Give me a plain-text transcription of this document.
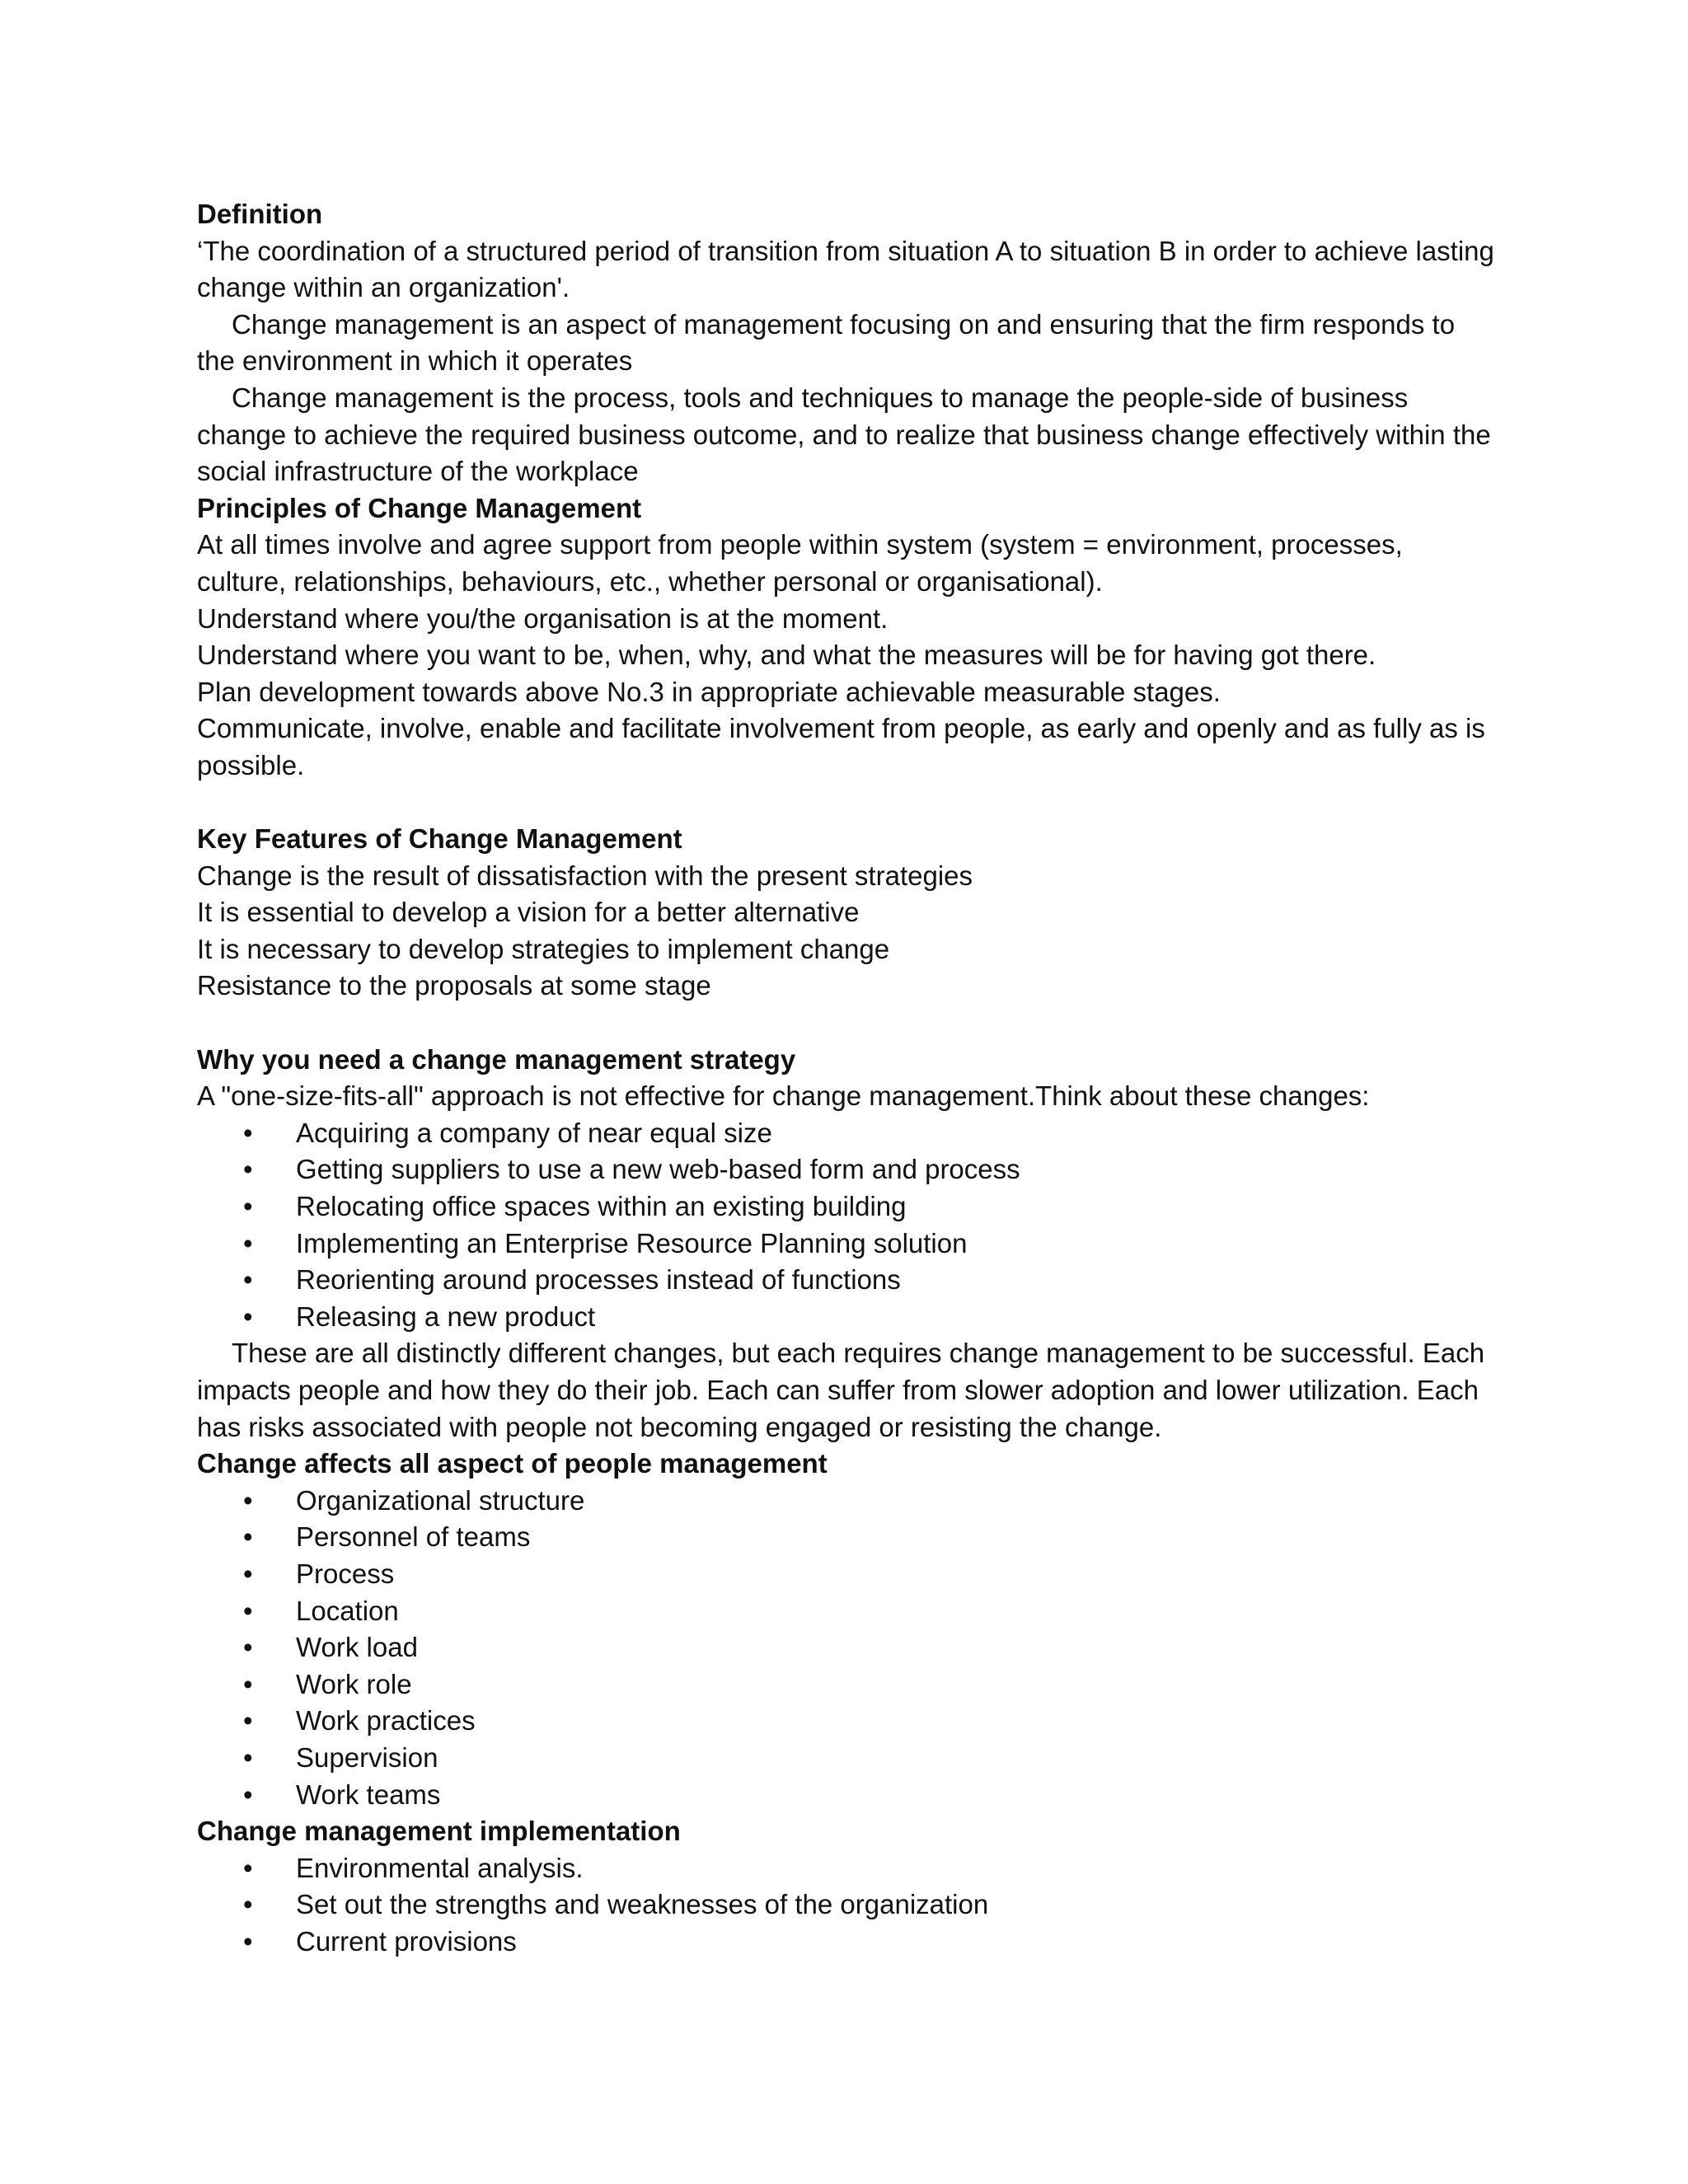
Definition
‘The coordination of a structured period of transition from situation A to situation B in order to achieve lasting change within an organization'.
Change management is an aspect of management focusing on and ensuring that the firm responds to the environment in which it operates
Change management is the process, tools and techniques to manage the people-side of business change to achieve the required business outcome, and to realize that business change effectively within the social infrastructure of the workplace
Principles of Change Management
At all times involve and agree support from people within system (system = environment, processes, culture, relationships, behaviours, etc., whether personal or organisational).
Understand where you/the organisation is at the moment.
Understand where you want to be, when, why, and what the measures will be for having got there.
Plan development towards above No.3 in appropriate achievable measurable stages.
Communicate, involve, enable and facilitate involvement from people, as early and openly and as fully as is possible.
Key Features of Change Management
Change is the result of dissatisfaction with the present strategies
It is essential to develop a vision for a better alternative
It is necessary to develop strategies to implement change
Resistance to the proposals at some stage
Why you need a change management strategy
A "one-size-fits-all" approach is not effective for change management.Think about these changes:
•	Acquiring a company of near equal size
•	Getting suppliers to use a new web-based form and process
•	Relocating office spaces within an existing building
•	Implementing an Enterprise Resource Planning solution
•	Reorienting around processes instead of functions
•	Releasing a new product
These are all distinctly different changes, but each requires change management to be successful. Each impacts people and how they do their job. Each can suffer from slower adoption and lower utilization. Each has risks associated with people not becoming engaged or resisting the change.
Change affects all aspect of people management
•	Organizational structure
•	Personnel of teams
•	Process
•	Location
•	Work load
•	Work role
•	Work practices
•	Supervision
•	Work teams
Change management implementation
•	Environmental analysis.
•	Set out the strengths and weaknesses of the organization
•	Current provisions
